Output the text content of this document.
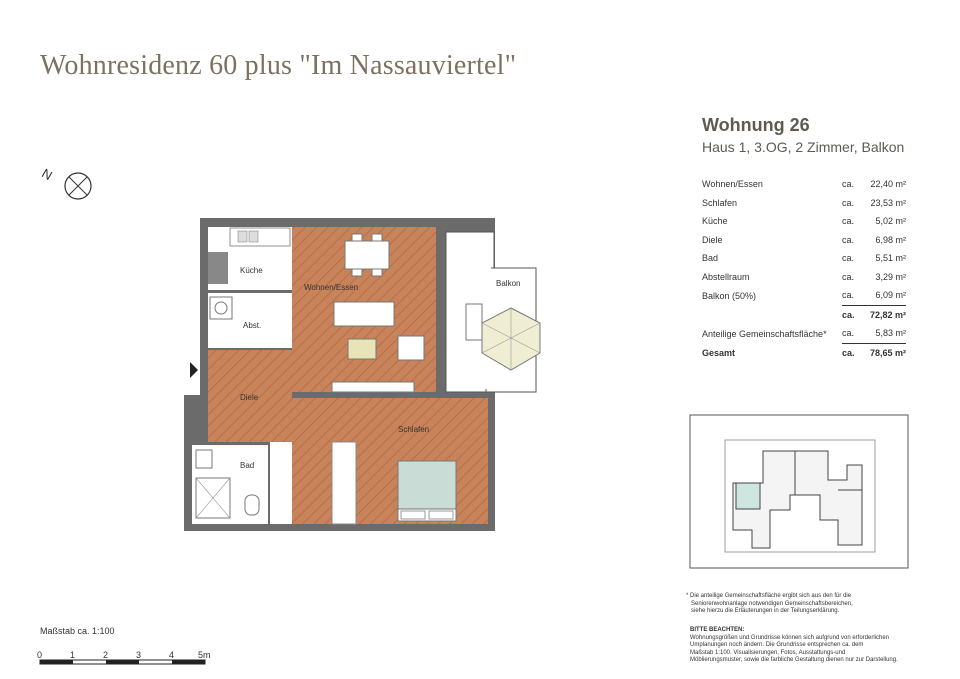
Wohnresidenz 60 plus "Im Nassauviertel"
N
Küche
Abst.
Wohnen/Essen	Balkon
Diele
Schlafen
Bad
Wohnung 26
Haus 1, 3.OG, 2 Zimmer, Balkon
Wohnen/Essen	ca.	22,40 m²
Schlafen	ca.	23,53 m²
Küche	ca.	5,02 m²
Diele	ca.	6,98 m²
Bad	ca.	5,51 m²
Abstellraum	ca.	3,29 m²
Balkon (50%)	ca.	6,09 m²
	ca.	72,82 m²
Anteilige Gemeinschaftsfläche*	ca.	5,83 m²
Gesamt	ca.	78,65 m²
* Die anteilige Gemeinschaftsfläche ergibt sich aus den für die
Seniorenwohnanlage notwendigen Gemeinschaftsbereichen,
siehe hierzu die Erläuterungen in der Teilungserklärung.
BITTE BEACHTEN:
Wohnungsgrößen und Grundrisse können sich aufgrund von erforderlichen
Umplanungen noch ändern. Die Grundrisse entsprechen ca. dem
Maßstab 1:100. Visualisierungen, Fotos, Ausstattungs-und
Möblierungsmuster, sowie die farbliche Gestaltung dienen nur zur Darstellung.
Maßstab ca. 1:100
0	1	2	3	4	5m
